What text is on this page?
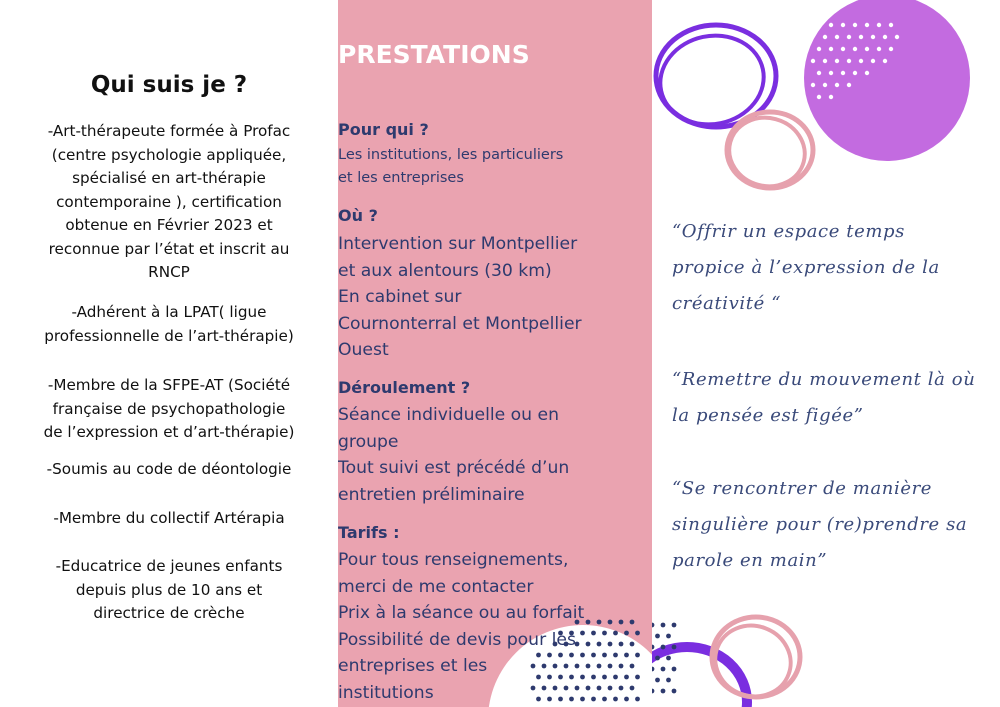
Qui suis je ?

-Art-thérapeute formée à Profac
(centre psychologie appliquée,
spécialisé en art-thérapie
contemporaine ), certification
obtenue en Février 2023 et
reconnue par l’état et inscrit au
RNCP

-Adhérent à la LPAT( ligue
professionnelle de l’art-thérapie)

-Membre de la SFPE-AT (Société
française de psychopathologie
de l’expression et d’art-thérapie)

-Soumis au code de déontologie

-Membre du collectif Artérapia

-Educatrice de jeunes enfants
depuis plus de 10 ans et
directrice de crèche

PRESTATIONS
Pour qui ?

Les institutions, les particuliers
et les entreprises

Où ?

Intervention sur Montpellier
et aux alentours (30 km)
En cabinet sur
Cournonterral et Montpellier
Ouest

Déroulement ?

Séance individuelle ou en
groupe
Tout suivi est précédé d’un
entretien préliminaire

Tarifs :

Pour tous renseignements,
merci de me contacter
Prix à la séance ou au forfait
Possibilité de devis pour les
entreprises et les
institutions

“Offrir un espace temps
propice à l’expression de la
créativité “

“Remettre du mouvement là où
la pensée est figée”

“Se rencontrer de manière
singulière pour (re)prendre sa
parole en main”
